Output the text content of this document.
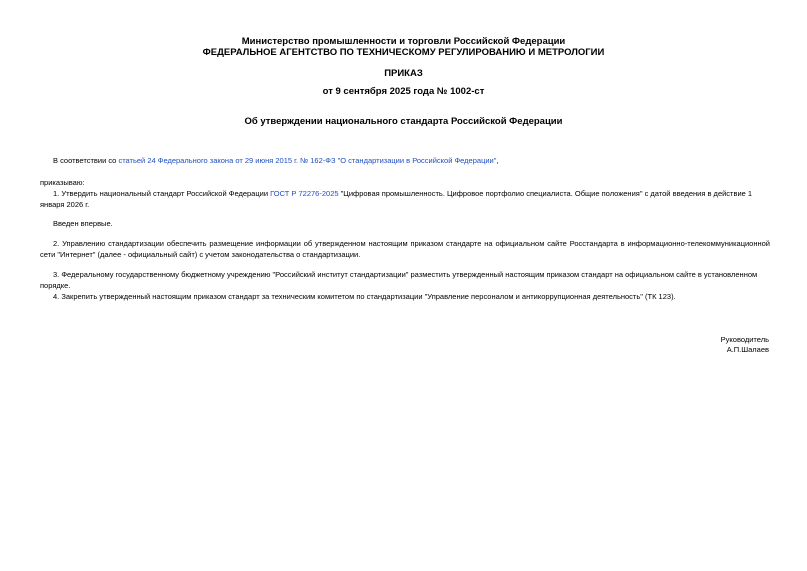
Министерство промышленности и торговли Российской Федерации
ФЕДЕРАЛЬНОЕ АГЕНТСТВО ПО ТЕХНИЧЕСКОМУ РЕГУЛИРОВАНИЮ И МЕТРОЛОГИИ
ПРИКАЗ
от 9 сентября 2025 года № 1002-ст
Об утверждении национального стандарта Российской Федерации
В соответствии со статьей 24 Федерального закона от 29 июня 2015 г. № 162-ФЗ "О стандартизации в Российской Федерации",
приказываю:
1. Утвердить национальный стандарт Российской Федерации ГОСТ Р 72276-2025 "Цифровая промышленность. Цифровое портфолио специалиста. Общие положения" с датой введения в действие 1 января 2026 г.
Введен впервые.
2. Управлению стандартизации обеспечить размещение информации об утвержденном настоящим приказом стандарте на официальном сайте Росстандарта в информационно-телекоммуникационной сети "Интернет" (далее - официальный сайт) с учетом законодательства о стандартизации.
3. Федеральному государственному бюджетному учреждению "Российский институт стандартизации" разместить утвержденный настоящим приказом стандарт на официальном сайте в установленном порядке.
4. Закрепить утвержденный настоящим приказом стандарт за техническим комитетом по стандартизации "Управление персоналом и антикоррупционная деятельность" (ТК 123).
Руководитель
А.П.Шалаев
